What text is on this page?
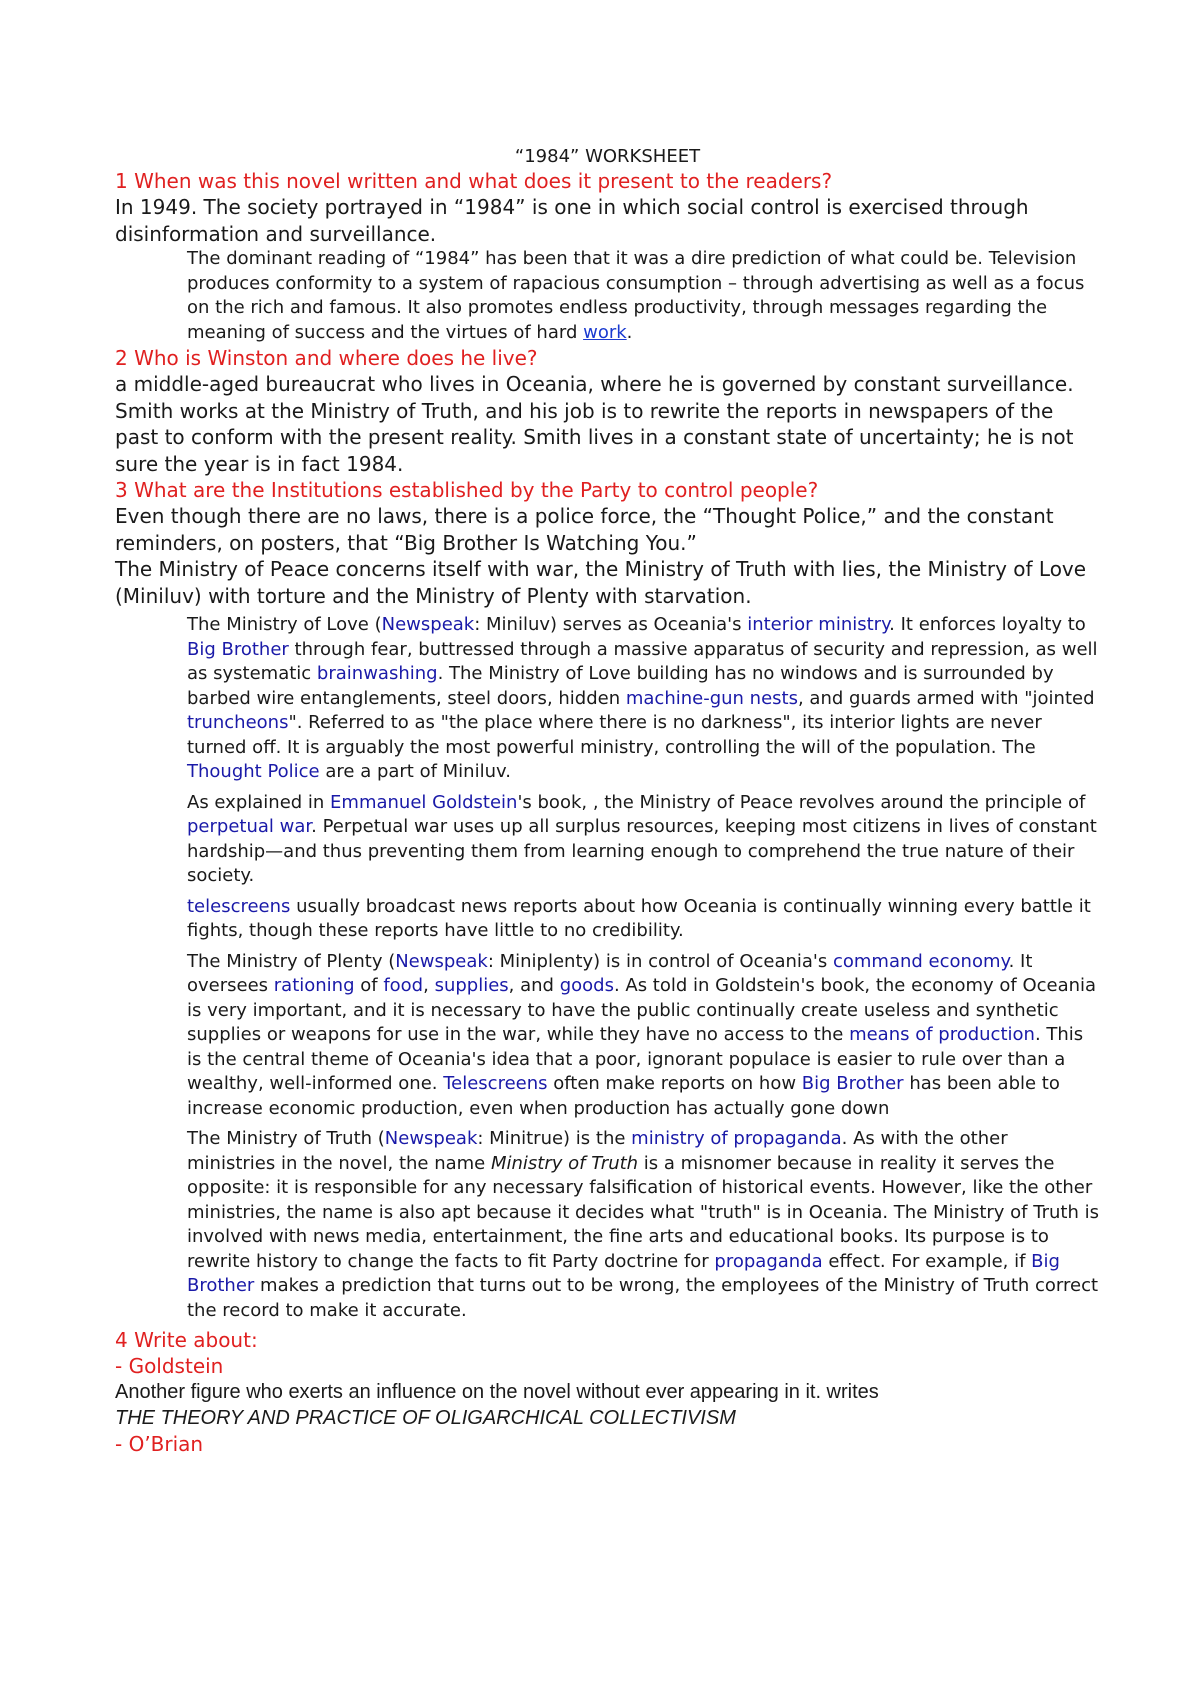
“1984” WORKSHEET

1 When was this novel written and what does it present to the readers?

In 1949. The society portrayed in “1984” is one in which social control is exercised through disinformation and surveillance.

The dominant reading of “1984” has been that it was a dire prediction of what could be. Television produces conformity to a system of rapacious consumption – through advertising as well as a focus on the rich and famous. It also promotes endless productivity, through messages regarding the meaning of success and the virtues of hard work.

2 Who is Winston and where does he live?

a middle-aged bureaucrat who lives in Oceania, where he is governed by constant surveillance. Smith works at the Ministry of Truth, and his job is to rewrite the reports in newspapers of the past to conform with the present reality. Smith lives in a constant state of uncertainty; he is not sure the year is in fact 1984.

3 What are the Institutions established by the Party to control people?

Even though there are no laws, there is a police force, the “Thought Police,” and the constant reminders, on posters, that “Big Brother Is Watching You.”

The Ministry of Peace concerns itself with war, the Ministry of Truth with lies, the Ministry of Love (Miniluv) with torture and the Ministry of Plenty with starvation.

The Ministry of Love (Newspeak: Miniluv) serves as Oceania's interior ministry. It enforces loyalty to Big Brother through fear, buttressed through a massive apparatus of security and repression, as well as systematic brainwashing. The Ministry of Love building has no windows and is surrounded by barbed wire entanglements, steel doors, hidden machine-gun nests, and guards armed with "jointed truncheons". Referred to as "the place where there is no darkness", its interior lights are never turned off. It is arguably the most powerful ministry, controlling the will of the population. The Thought Police are a part of Miniluv.

As explained in Emmanuel Goldstein's book, , the Ministry of Peace revolves around the principle of perpetual war. Perpetual war uses up all surplus resources, keeping most citizens in lives of constant hardship—and thus preventing them from learning enough to comprehend the true nature of their society.

telescreens usually broadcast news reports about how Oceania is continually winning every battle it fights, though these reports have little to no credibility.

The Ministry of Plenty (Newspeak: Miniplenty) is in control of Oceania's command economy. It oversees rationing of food, supplies, and goods. As told in Goldstein's book, the economy of Oceania is very important, and it is necessary to have the public continually create useless and synthetic supplies or weapons for use in the war, while they have no access to the means of production. This is the central theme of Oceania's idea that a poor, ignorant populace is easier to rule over than a wealthy, well-informed one. Telescreens often make reports on how Big Brother has been able to increase economic production, even when production has actually gone down

The Ministry of Truth (Newspeak: Minitrue) is the ministry of propaganda. As with the other ministries in the novel, the name Ministry of Truth is a misnomer because in reality it serves the opposite: it is responsible for any necessary falsification of historical events. However, like the other ministries, the name is also apt because it decides what "truth" is in Oceania. The Ministry of Truth is involved with news media, entertainment, the fine arts and educational books. Its purpose is to rewrite history to change the facts to fit Party doctrine for propaganda effect. For example, if Big Brother makes a prediction that turns out to be wrong, the employees of the Ministry of Truth correct the record to make it accurate.

4 Write about:

- Goldstein

Another figure who exerts an influence on the novel without ever appearing in it. writes

THE THEORY AND PRACTICE OF OLIGARCHICAL COLLECTIVISM

- O’Brian
